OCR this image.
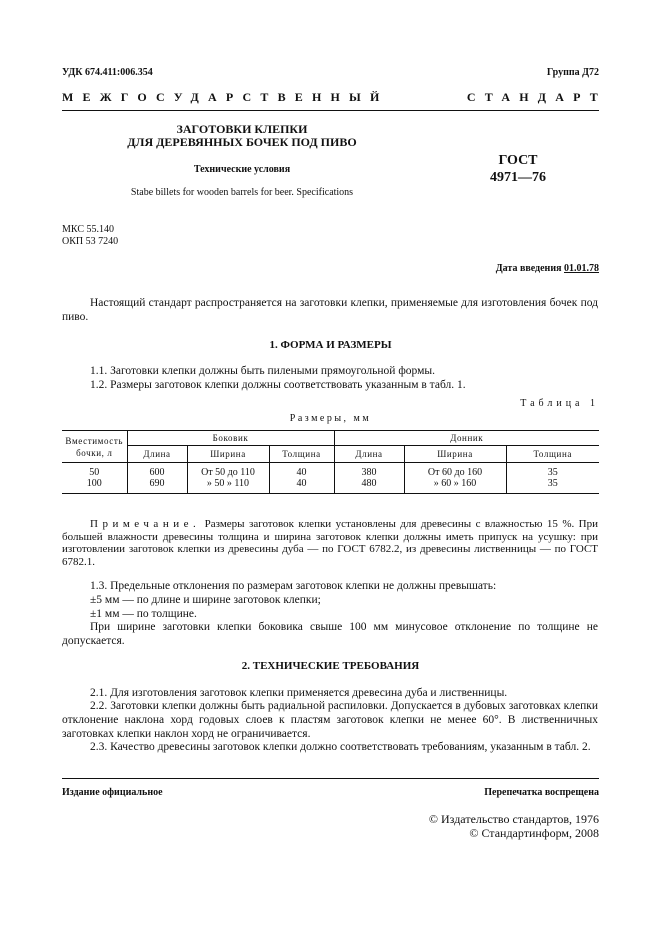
УДК 674.411:006.354	Группа Д72
МЕЖГОСУДАРСТВЕННЫЙ	СТАНДАРТ
ЗАГОТОВКИ КЛЕПКИ
ДЛЯ ДЕРЕВЯННЫХ БОЧЕК ПОД ПИВО
Технические условия
Stabe billets for wooden barrels for beer. Specifications
ГОСТ
4971—76
МКС 55.140
ОКП 53 7240
Дата введения 01.01.78
Настоящий стандарт распространяется на заготовки клепки, применяемые для изготовления бочек под пиво.
1. ФОРМА И РАЗМЕРЫ
1.1. Заготовки клепки должны быть пилеными прямоугольной формы.
1.2. Размеры заготовок клепки должны соответствовать указанным в табл. 1.
Таблица 1
Размеры, мм
Вместимость бочки, л	Боковик			Донник		
	Длина	Ширина	Толщина	Длина	Ширина	Толщина
50	600	От 50 до 110	40	380	От 60 до 160	35
100	690	» 50 » 110	40	480	» 60 » 160	35
Примечание. Размеры заготовок клепки установлены для древесины с влажностью 15 %. При большей влажности древесины толщина и ширина заготовок клепки должны иметь припуск на усушку: при изготовлении заготовок клепки из древесины дуба — по ГОСТ 6782.2, из древесины лиственницы — по ГОСТ 6782.1.
1.3. Предельные отклонения по размерам заготовок клепки не должны превышать:
±5 мм — по длине и ширине заготовок клепки;
±1 мм — по толщине.
При ширине заготовки клепки боковика свыше 100 мм минусовое отклонение по толщине не допускается.
2. ТЕХНИЧЕСКИЕ ТРЕБОВАНИЯ
2.1. Для изготовления заготовок клепки применяется древесина дуба и лиственницы.
2.2. Заготовки клепки должны быть радиальной распиловки. Допускается в дубовых заготовках клепки отклонение наклона хорд годовых слоев к пластям заготовок клепки не менее 60°. В лиственничных заготовках клепки наклон хорд не ограничивается.
2.3. Качество древесины заготовок клепки должно соответствовать требованиям, указанным в табл. 2.
Издание официальное	Перепечатка воспрещена
© Издательство стандартов, 1976
© Стандартинформ, 2008
